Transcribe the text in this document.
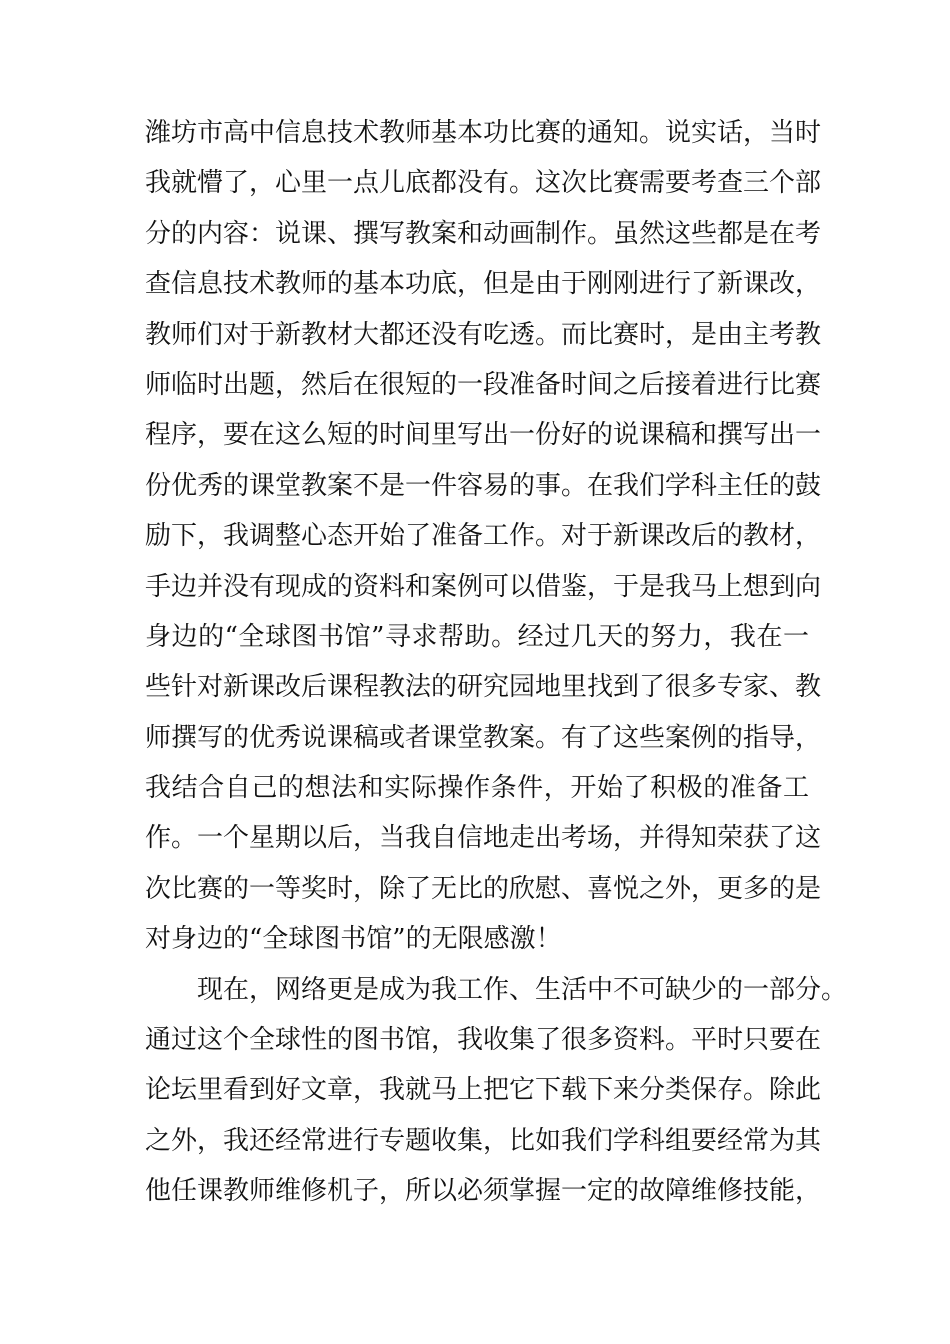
潍坊市高中信息技术教师基本功比赛的通知。说实话，当时
我就懵了，心里一点儿底都没有。这次比赛需要考查三个部
分的内容：说课、撰写教案和动画制作。虽然这些都是在考
查信息技术教师的基本功底，但是由于刚刚进行了新课改，
教师们对于新教材大都还没有吃透。而比赛时，是由主考教
师临时出题，然后在很短的一段准备时间之后接着进行比赛
程序，要在这么短的时间里写出一份好的说课稿和撰写出一
份优秀的课堂教案不是一件容易的事。在我们学科主任的鼓
励下，我调整心态开始了准备工作。对于新课改后的教材，
手边并没有现成的资料和案例可以借鉴，于是我马上想到向
身边的“全球图书馆”寻求帮助。经过几天的努力，我在一
些针对新课改后课程教法的研究园地里找到了很多专家、教
师撰写的优秀说课稿或者课堂教案。有了这些案例的指导，
我结合自己的想法和实际操作条件，开始了积极的准备工
作。一个星期以后，当我自信地走出考场，并得知荣获了这
次比赛的一等奖时，除了无比的欣慰、喜悦之外，更多的是
对身边的“全球图书馆”的无限感激！
现在，网络更是成为我工作、生活中不可缺少的一部分。
通过这个全球性的图书馆，我收集了很多资料。平时只要在
论坛里看到好文章，我就马上把它下载下来分类保存。除此
之外，我还经常进行专题收集，比如我们学科组要经常为其
他任课教师维修机子，所以必须掌握一定的故障维修技能，
